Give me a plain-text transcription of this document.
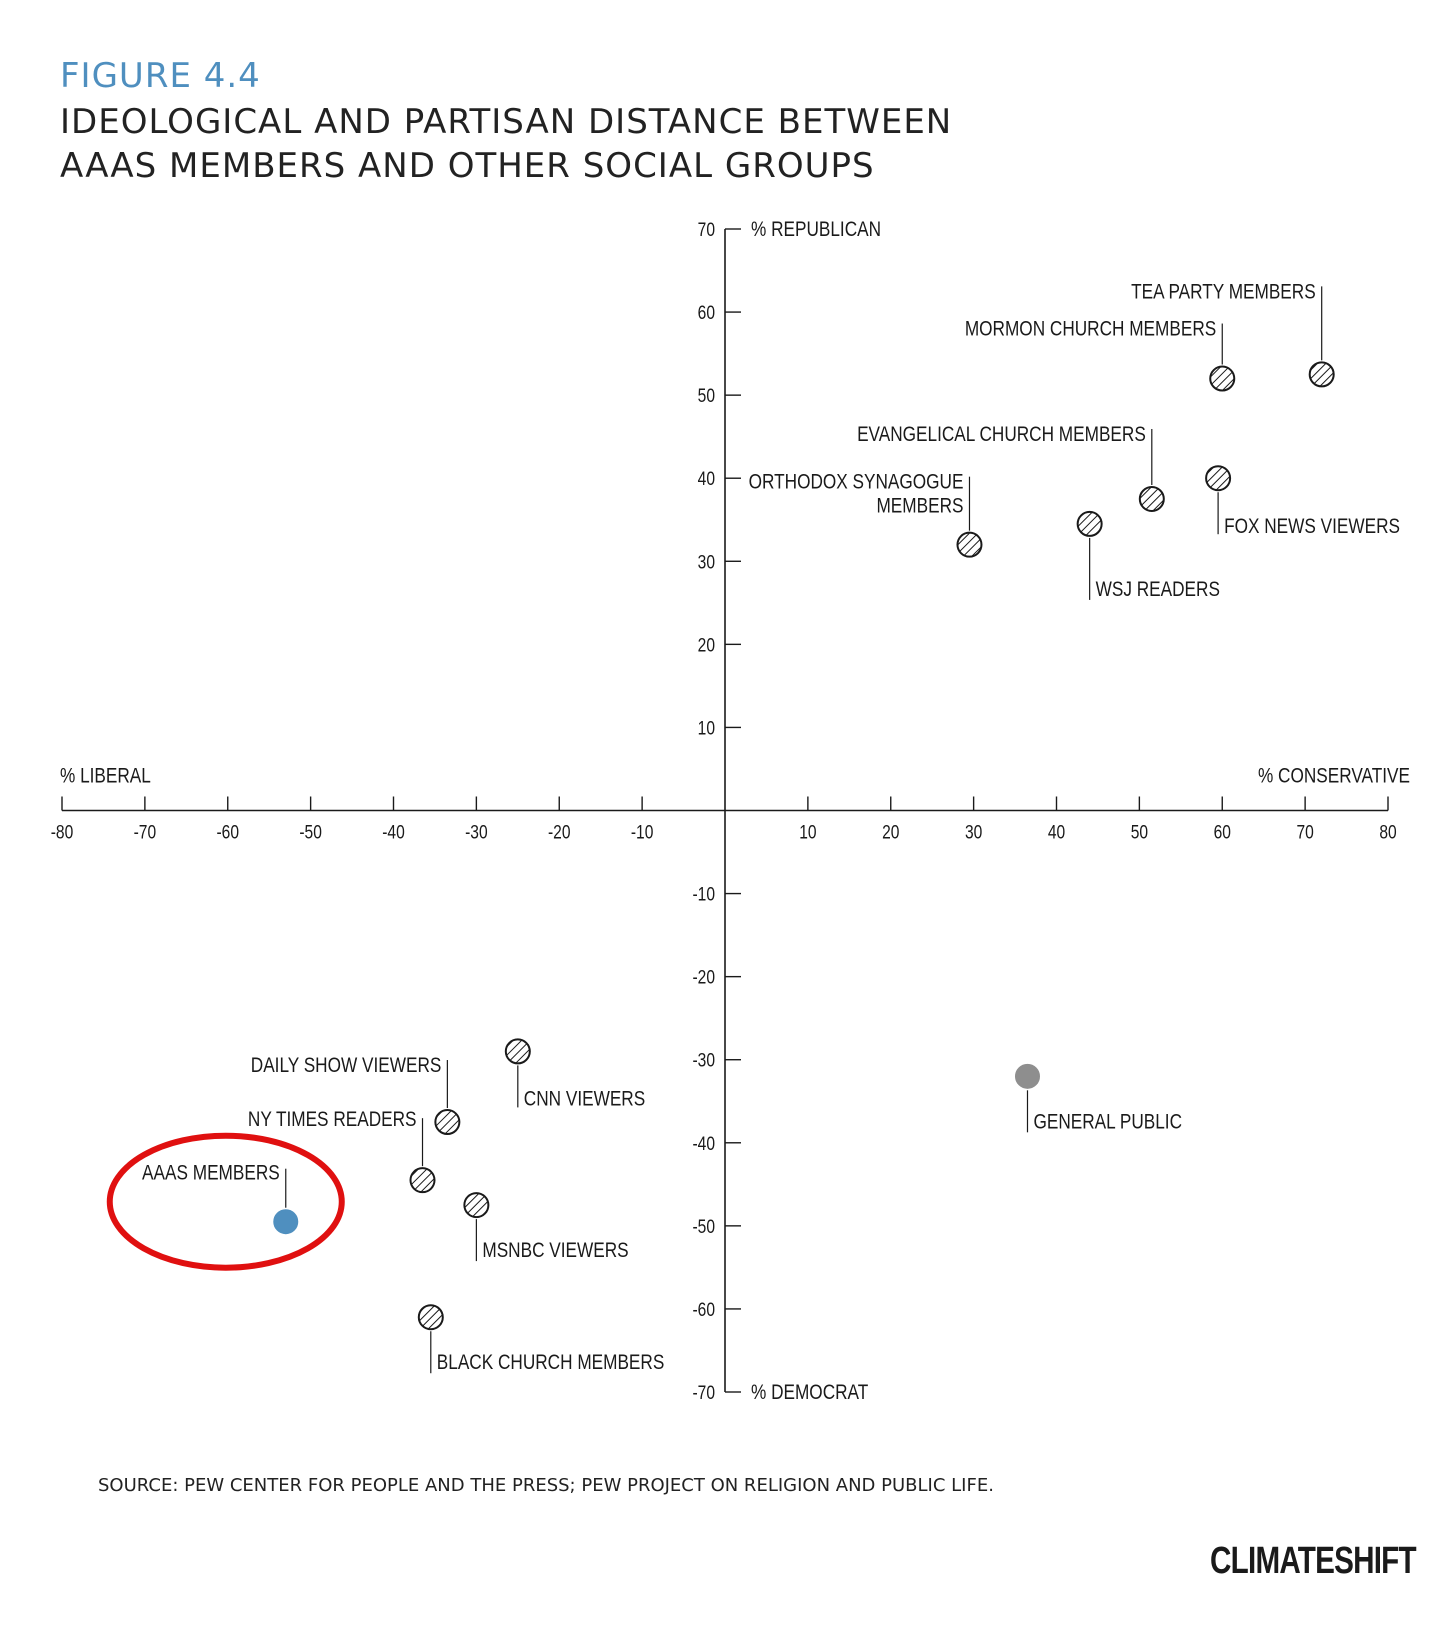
FIGURE 4.4
IDEOLOGICAL AND PARTISAN DISTANCE BETWEEN
AAAS MEMBERS AND OTHER SOCIAL GROUPS
-80	-70	-60	-50	-40	-30	-20	-10	10	20	30	40	50	60	70	80
70
60
50
40
30
20
10
-10
-20
-30
-40
-50
-60
-70
% LIBERAL	% CONSERVATIVE
% REPUBLICAN
% DEMOCRAT
TEA PARTY MEMBERS
MORMON CHURCH MEMBERS
EVANGELICAL CHURCH MEMBERS
FOX NEWS VIEWERS
ORTHODOX SYNAGOGUE
MEMBERS
WSJ READERS
GENERAL PUBLIC
CNN VIEWERS
DAILY SHOW VIEWERS
NY TIMES READERS
MSNBC VIEWERS
AAAS MEMBERS
BLACK CHURCH MEMBERS
SOURCE: PEW CENTER FOR PEOPLE AND THE PRESS; PEW PROJECT ON RELIGION AND PUBLIC LIFE.
CLIMATESHIFT
